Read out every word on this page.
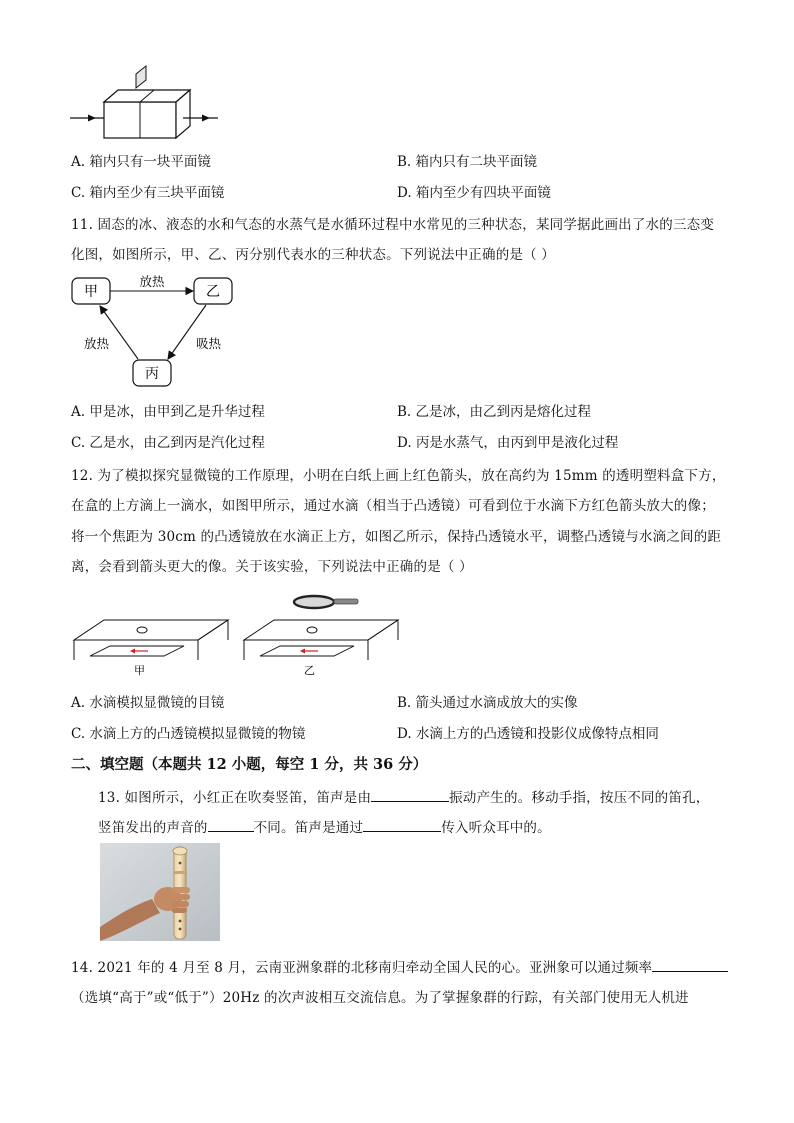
A. 箱内只有一块平面镜	B. 箱内只有二块平面镜
C. 箱内至少有三块平面镜	D. 箱内至少有四块平面镜
11. 固态的冰、液态的水和气态的水蒸气是水循环过程中水常见的三种状态，某同学据此画出了水的三态变
化图，如图所示，甲、乙、丙分别代表水的三种状态。下列说法中正确的是（ ）
甲	乙
丙
放热
吸热
放热
A. 甲是冰，由甲到乙是升华过程	B. 乙是冰，由乙到丙是熔化过程
C. 乙是水，由乙到丙是汽化过程	D. 丙是水蒸气，由丙到甲是液化过程
12. 为了模拟探究显微镜的工作原理，小明在白纸上画上红色箭头，放在高约为 15mm 的透明塑料盒下方，
在盒的上方滴上一滴水，如图甲所示，通过水滴（相当于凸透镜）可看到位于水滴下方红色箭头放大的像；
将一个焦距为 30cm 的凸透镜放在水滴正上方，如图乙所示，保持凸透镜水平，调整凸透镜与水滴之间的距
离，会看到箭头更大的像。关于该实验，下列说法中正确的是（ ）
甲	乙
A. 水滴模拟显微镜的目镜	B. 箭头通过水滴成放大的实像
C. 水滴上方的凸透镜模拟显微镜的物镜	D. 水滴上方的凸透镜和投影仪成像特点相同
二、填空题（本题共 12 小题，每空 1 分，共 36 分）
13. 如图所示，小红正在吹奏竖笛，笛声是由	振动产生的。移动手指，按压不同的笛孔，
竖笛发出的声音的	不同。笛声是通过	传入听众耳中的。
14. 2021 年的 4 月至 8 月，云南亚洲象群的北移南归牵动全国人民的心。亚洲象可以通过频率
（选填“高于”或“低于”）20Hz 的次声波相互交流信息。为了掌握象群的行踪，有关部门使用无人机进
